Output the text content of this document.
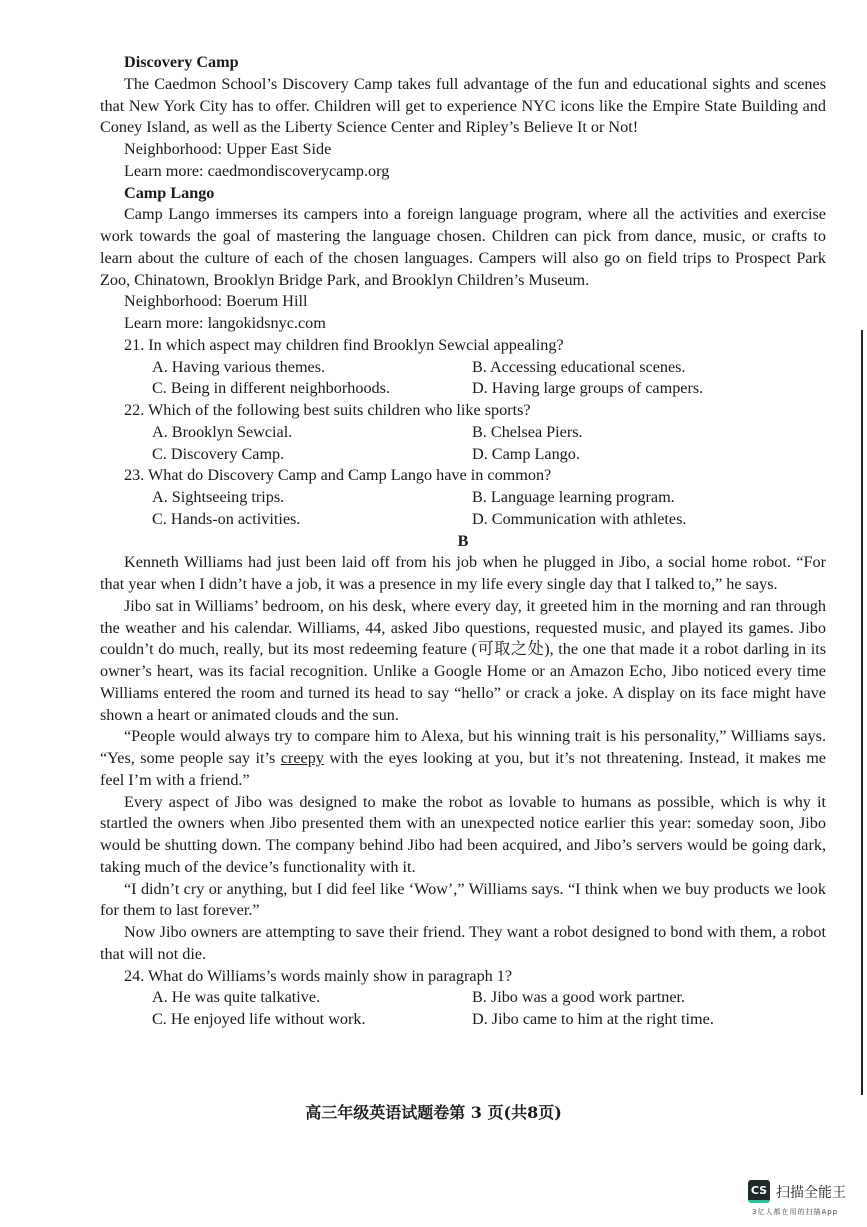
Discovery Camp

The Caedmon School’s Discovery Camp takes full advantage of the fun and educational sights and scenes that New York City has to offer. Children will get to experience NYC icons like the Empire State Building and Coney Island, as well as the Liberty Science Center and Ripley’s Believe It or Not!

Neighborhood: Upper East Side
Learn more: caedmondiscoverycamp.org
Camp Lango

Camp Lango immerses its campers into a foreign language program, where all the activities and exercise work towards the goal of mastering the language chosen. Children can pick from dance, music, or crafts to learn about the culture of each of the chosen languages. Campers will also go on field trips to Prospect Park Zoo, Chinatown, Brooklyn Bridge Park, and Brooklyn Children’s Museum.

Neighborhood: Boerum Hill
Learn more: langokidsnyc.com
21. In which aspect may children find Brooklyn Sewcial appealing?
A. Having various themes.	B. Accessing educational scenes.
C. Being in different neighborhoods.	D. Having large groups of campers.
22. Which of the following best suits children who like sports?
A. Brooklyn Sewcial.	B. Chelsea Piers.
C. Discovery Camp.	D. Camp Lango.
23. What do Discovery Camp and Camp Lango have in common?
A. Sightseeing trips.	B. Language learning program.
C. Hands-on activities.	D. Communication with athletes.
B

Kenneth Williams had just been laid off from his job when he plugged in Jibo, a social home robot. “For that year when I didn’t have a job, it was a presence in my life every single day that I talked to,” he says.

Jibo sat in Williams’ bedroom, on his desk, where every day, it greeted him in the morning and ran through the weather and his calendar. Williams, 44, asked Jibo questions, requested music, and played its games. Jibo couldn’t do much, really, but its most redeeming feature (可取之处), the one that made it a robot darling in its owner’s heart, was its facial recognition. Unlike a Google Home or an Amazon Echo, Jibo noticed every time Williams entered the room and turned its head to say “hello” or crack a joke. A display on its face might have shown a heart or animated clouds and the sun.

“People would always try to compare him to Alexa, but his winning trait is his personality,” Williams says. “Yes, some people say it’s creepy with the eyes looking at you, but it’s not threatening. Instead, it makes me feel I’m with a friend.”

Every aspect of Jibo was designed to make the robot as lovable to humans as possible, which is why it startled the owners when Jibo presented them with an unexpected notice earlier this year: someday soon, Jibo would be shutting down. The company behind Jibo had been acquired, and Jibo’s servers would be going dark, taking much of the device’s functionality with it.

“I didn’t cry or anything, but I did feel like ‘Wow’,” Williams says. “I think when we buy products we look for them to last forever.”

Now Jibo owners are attempting to save their friend. They want a robot designed to bond with them, a robot that will not die.

24. What do Williams’s words mainly show in paragraph 1?
A. He was quite talkative.	B. Jibo was a good work partner.
C. He enjoyed life without work.	D. Jibo came to him at the right time.
高三年级英语试题卷第 3 页(共8页)
CS 扫描全能王
3亿人都在用的扫描App
